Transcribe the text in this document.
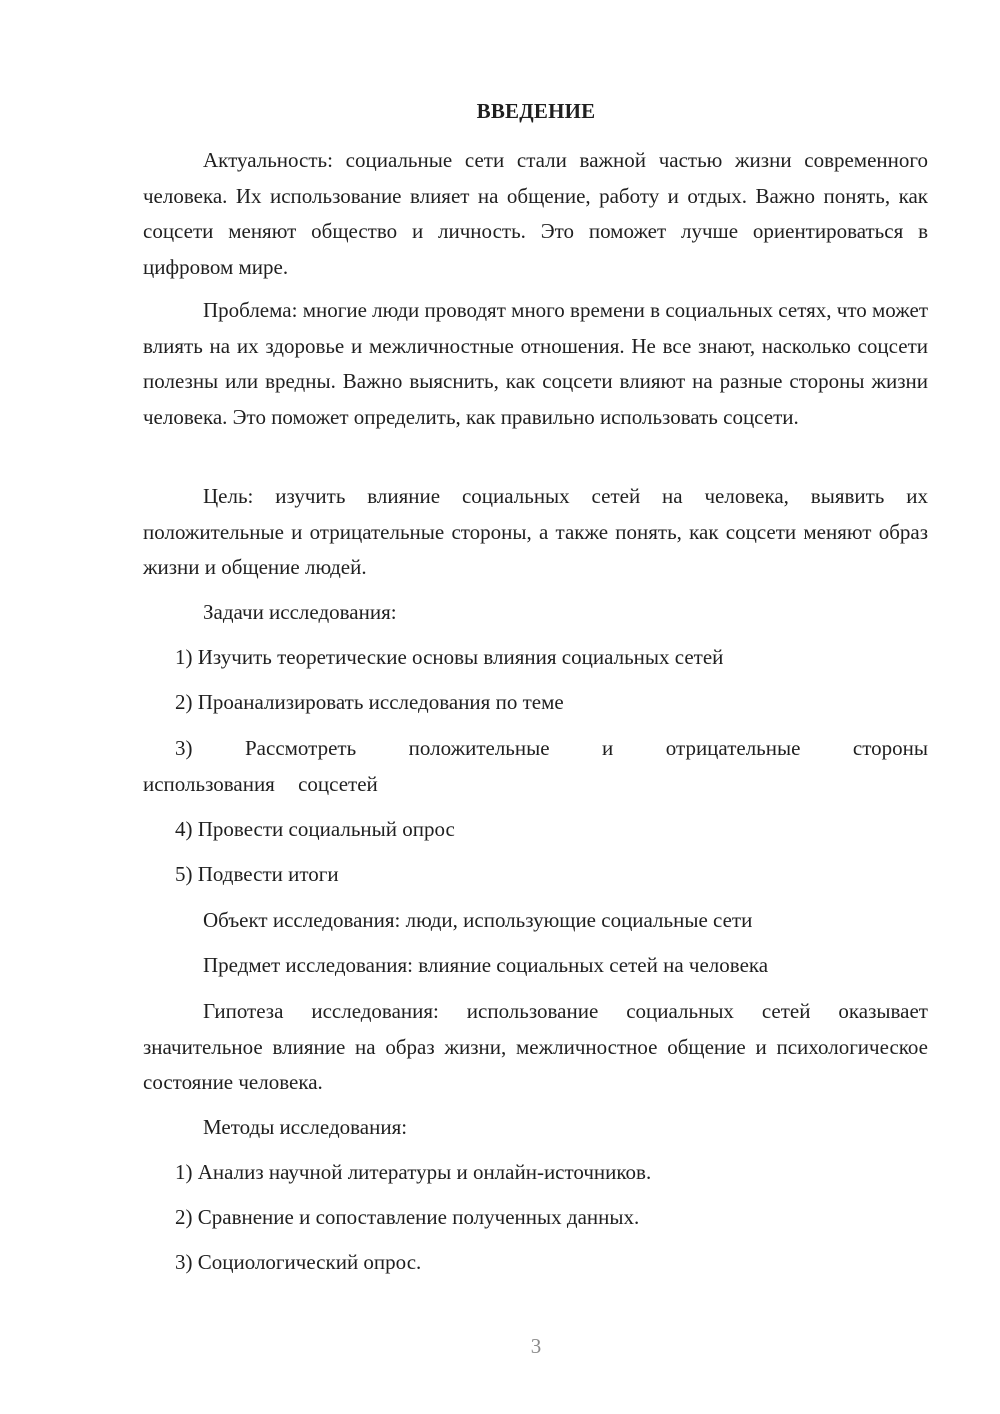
ВВЕДЕНИЕ
Актуальность: социальные сети стали важной частью жизни современного человека. Их использование влияет на общение, работу и отдых. Важно понять, как соцсети меняют общество и личность. Это поможет лучше ориентироваться в цифровом мире.
Проблема: многие люди проводят много времени в социальных сетях, что может влиять на их здоровье и межличностные отношения. Не все знают, насколько соцсети полезны или вредны. Важно выяснить, как соцсети влияют на разные стороны жизни человека. Это поможет определить, как правильно использовать соцсети.
Цель: изучить влияние социальных сетей на человека, выявить их положительные и отрицательные стороны, а также понять, как соцсети меняют образ жизни и общение людей.
Задачи исследования:
1) Изучить теоретические основы влияния социальных сетей
2) Проанализировать исследования по теме
3) Рассмотреть положительные и отрицательные стороны использования соцсетей
4) Провести социальный опрос
5) Подвести итоги
Объект исследования: люди, использующие социальные сети
Предмет исследования: влияние социальных сетей на человека
Гипотеза исследования: использование социальных сетей оказывает значительное влияние на образ жизни, межличностное общение и психологическое состояние человека.
Методы исследования:
1) Анализ научной литературы и онлайн-источников.
2) Сравнение и сопоставление полученных данных.
3) Социологический опрос.
3
